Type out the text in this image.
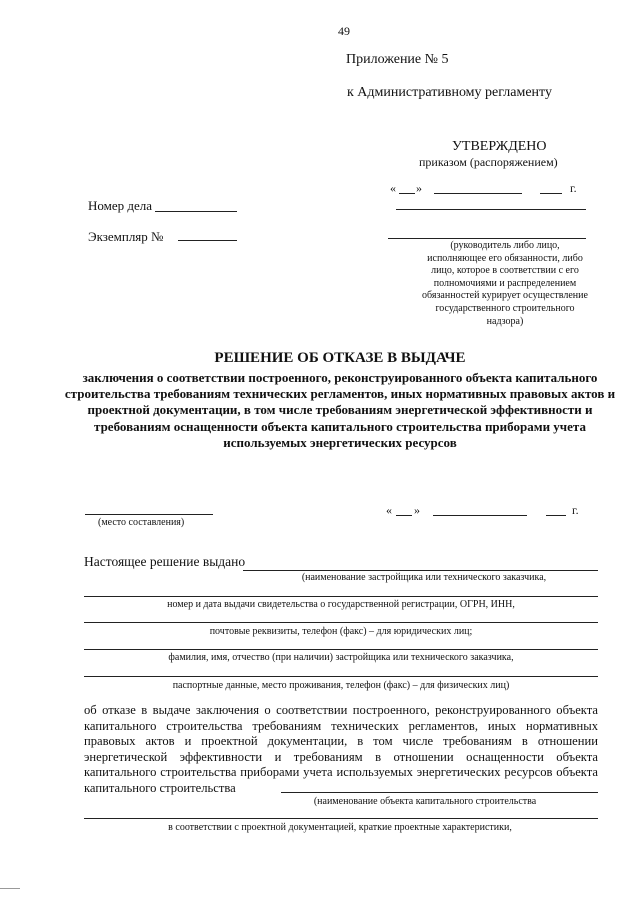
49
Приложение № 5
к Административному регламенту
УТВЕРЖДЕНО
приказом (распоряжением)
« »	г.
(руководитель либо лицо, исполняющее его обязанности, либо лицо, которое в соответствии с его полномочиями и распределением обязанностей курирует осуществление государственного строительного надзора)
Номер дела
Экземпляр №
РЕШЕНИЕ ОБ ОТКАЗЕ В ВЫДАЧЕ
заключения о соответствии построенного, реконструированного объекта капитального строительства требованиям технических регламентов, иных нормативных правовых актов и проектной документации, в том числе требованиям энергетической эффективности и требованиям оснащенности объекта капитального строительства приборами учета используемых энергетических ресурсов
(место составления)
« »	г.
Настоящее решение выдано
(наименование застройщика или технического заказчика,
номер и дата выдачи свидетельства о государственной регистрации, ОГРН, ИНН,
почтовые реквизиты, телефон (факс) – для юридических лиц;
фамилия, имя, отчество (при наличии) застройщика или технического заказчика,
паспортные данные, место проживания, телефон (факс) – для физических лиц)
об отказе в выдаче заключения о соответствии построенного, реконструированного объекта капитального строительства требованиям технических регламентов, иных нормативных правовых актов и проектной документации, в том числе требованиям в отношении энергетической эффективности и требованиям в отношении оснащенности объекта капитального строительства приборами учета используемых энергетических ресурсов объекта капитального строительства
(наименование объекта капитального строительства
в соответствии с проектной документацией, краткие проектные характеристики,
